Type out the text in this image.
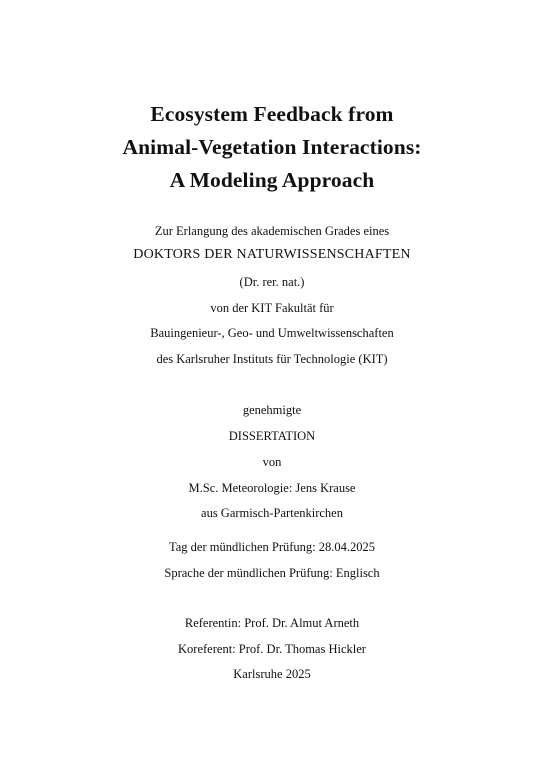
Ecosystem Feedback from
Animal-Vegetation Interactions:
A Modeling Approach
Zur Erlangung des akademischen Grades eines
DOKTORS DER NATURWISSENSCHAFTEN
(Dr. rer. nat.)
von der KIT Fakultät für
Bauingenieur-, Geo- und Umweltwissenschaften
des Karlsruher Instituts für Technologie (KIT)
genehmigte
DISSERTATION
von
M.Sc. Meteorologie: Jens Krause
aus Garmisch-Partenkirchen
Tag der mündlichen Prüfung: 28.04.2025
Sprache der mündlichen Prüfung: Englisch
Referentin: Prof. Dr. Almut Arneth
Koreferent: Prof. Dr. Thomas Hickler
Karlsruhe 2025
